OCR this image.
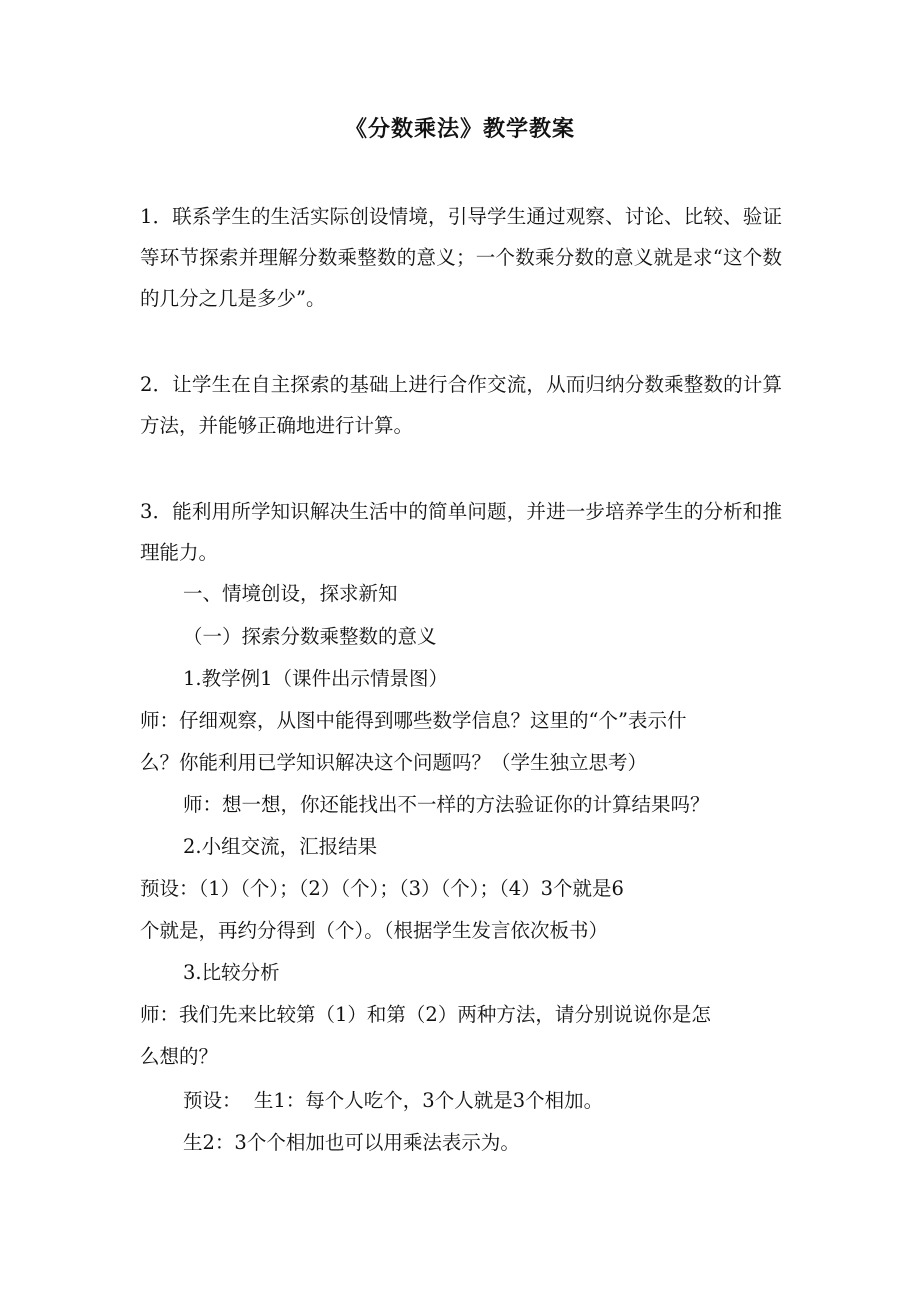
《分数乘法》教学教案

1．联系学生的生活实际创设情境，引导学生通过观察、讨论、比较、验证等环节探索并理解分数乘整数的意义；一个数乘分数的意义就是求“这个数的几分之几是多少”。

2．让学生在自主探索的基础上进行合作交流，从而归纳分数乘整数的计算方法，并能够正确地进行计算。

3．能利用所学知识解决生活中的简单问题，并进一步培养学生的分析和推理能力。

一、情境创设，探求新知
（一）探索分数乘整数的意义
1.教学例1（课件出示情景图）
师：仔细观察，从图中能得到哪些数学信息？这里的“个”表示什
么？你能利用已学知识解决这个问题吗？（学生独立思考）
师：想一想，你还能找出不一样的方法验证你的计算结果吗？
2.小组交流，汇报结果
预设：（1）（个）；（2）（个）；（3）（个）；（4）3个就是6
个就是，再约分得到（个）。（根据学生发言依次板书）
3.比较分析
师：我们先来比较第（1）和第（2）两种方法，请分别说说你是怎
么想的？
预设：  生1：每个人吃个，3个人就是3个相加。
生2：3个个相加也可以用乘法表示为。
